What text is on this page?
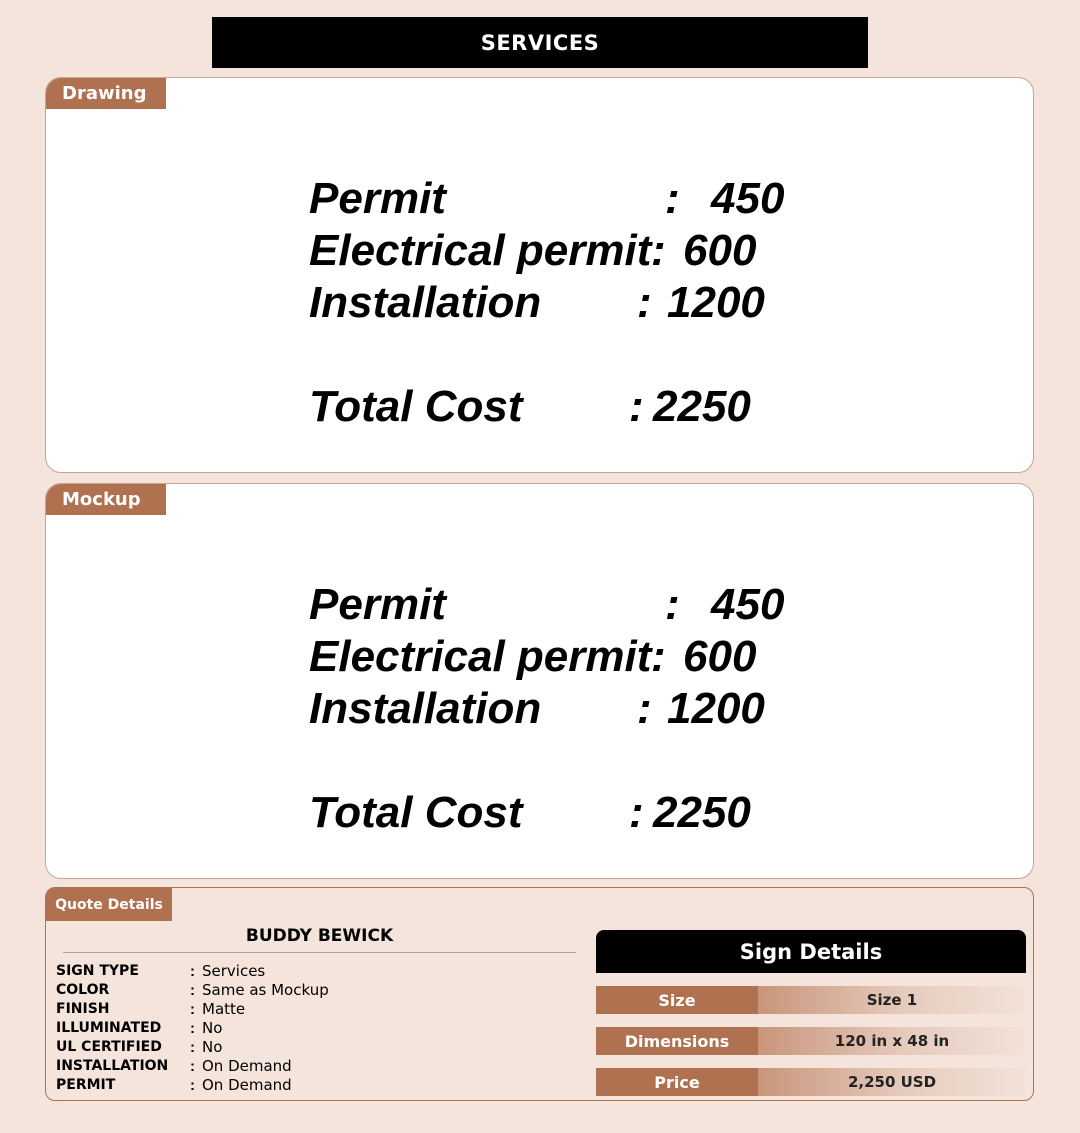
SERVICES
Drawing
Permit	: 450
Electrical permit : 600
Installation	: 1200
Total Cost	: 2250
Mockup
Permit	: 450
Electrical permit : 600
Installation	: 1200
Total Cost	: 2250
Quote Details
BUDDY BEWICK
SIGN TYPE	: Services
COLOR	: Same as Mockup
FINISH	: Matte
ILLUMINATED	: No
UL CERTIFIED	: No
INSTALLATION	: On Demand
PERMIT	: On Demand
Sign Details
Size	Size 1
Dimensions	120 in x 48 in
Price	2,250 USD
